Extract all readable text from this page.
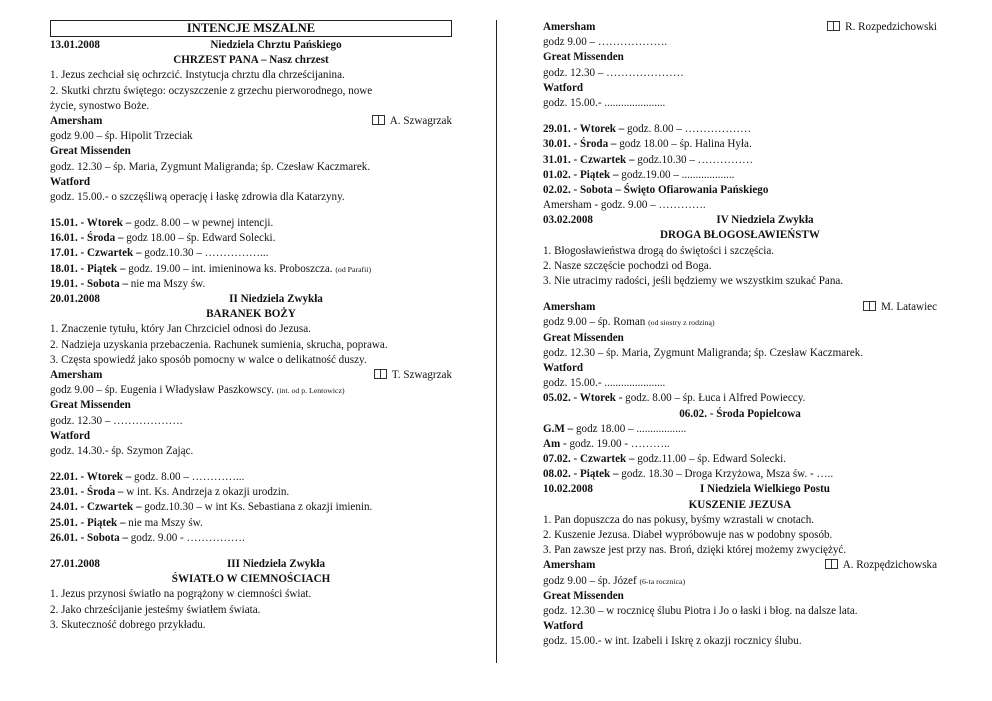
INTENCJE MSZALNE
13.01.2008	Niedziela Chrztu Pańskiego
CHRZEST PANA – Nasz chrzest
1. Jezus zechciał się ochrzcić. Instytucja chrztu dla chrześcijanina.
2. Skutki chrztu świętego: oczyszczenie z grzechu pierworodnego, nowe
życie, synostwo Boże.
Amersham	A. Szwagrzak
godz 9.00 – śp. Hipolit Trzeciak
Great Missenden
godz. 12.30 – śp. Maria, Zygmunt Maligranda; śp. Czesław Kaczmarek.
Watford
godz. 15.00.- o szczęśliwą operację i łaskę zdrowia dla Katarzyny.
15.01. - Wtorek – godz. 8.00 – w pewnej intencji.
16.01. - Środa – godz 18.00 – śp. Edward Solecki.
17.01. - Czwartek – godz.10.30 – ……………...
18.01. - Piątek – godz. 19.00 – int. imieninowa ks. Proboszcza. (od Parafii)
19.01. - Sobota – nie ma Mszy św.
20.01.2008	II Niedziela Zwykła
BARANEK BOŻY
1. Znaczenie tytułu, który Jan Chrzciciel odnosi do Jezusa.
2. Nadzieja uzyskania przebaczenia. Rachunek sumienia, skrucha, poprawa.
3. Częsta spowiedź jako sposób pomocny w walce o delikatność duszy.
Amersham	T. Szwagrzak
godz 9.00 – śp. Eugenia i Władysław Paszkowscy. (int. od p. Lentowicz)
Great Missenden
godz. 12.30 – ……………….
Watford
godz. 14.30.- śp. Szymon Zając.
22.01. - Wtorek – godz. 8.00 – …………...
23.01. - Środa – w int. Ks. Andrzeja z okazji urodzin.
24.01. - Czwartek – godz.10.30 – w int Ks. Sebastiana z okazji imienin.
25.01. - Piątek – nie ma Mszy św.
26.01. - Sobota – godz. 9.00 - …………….
27.01.2008	III Niedziela Zwykła
ŚWIATŁO W CIEMNOŚCIACH
1. Jezus przynosi światło na pogrążony w ciemności świat.
2. Jako chrześcijanie jesteśmy światłem świata.
3. Skuteczność dobrego przykładu.
Amersham	R. Rozpedzichowski
godz 9.00 – ……………….
Great Missenden
godz. 12.30 – …………………
Watford
godz. 15.00.- ......................
29.01. - Wtorek – godz. 8.00 – ………………
30.01. - Środa – godz 18.00 – śp. Halina Hyła.
31.01. - Czwartek – godz.10.30 – ……………
01.02. - Piątek – godz.19.00 – ...................
02.02. - Sobota – Święto Ofiarowania Pańskiego
Amersham - godz. 9.00 – ………….
03.02.2008	IV Niedziela Zwykła
DROGA BŁOGOSŁAWIEŃSTW
1. Błogosławieństwa drogą do świętości i szczęścia.
2. Nasze szczęście pochodzi od Boga.
3. Nie utracimy radości, jeśli będziemy we wszystkim szukać Pana.
Amersham	M. Latawiec
godz 9.00 – śp. Roman (od siostry z rodziną)
Great Missenden
godz. 12.30 – śp. Maria, Zygmunt Maligranda; śp. Czesław Kaczmarek.
Watford
godz. 15.00.- ......................
05.02. - Wtorek - godz. 8.00 – śp. Łuca i Alfred Powieccy.
06.02. - Środa Popielcowa
G.M – godz 18.00 – ..................
Am - godz. 19.00 - ………..
07.02. - Czwartek – godz.11.00 – śp. Edward Solecki.
08.02. - Piątek – godz. 18.30 – Droga Krzyżowa, Msza św. - …..
10.02.2008	I Niedziela Wielkiego Postu
KUSZENIE JEZUSA
1. Pan dopuszcza do nas pokusy, byśmy wzrastali w cnotach.
2. Kuszenie Jezusa. Diabeł wypróbowuje nas w podobny sposób.
3. Pan zawsze jest przy nas. Broń, dzięki której możemy zwyciężyć.
Amersham	A. Rozpędzichowska
godz 9.00 – śp. Józef (6-ta rocznica)
Great Missenden
godz. 12.30 – w rocznicę ślubu Piotra i Jo o łaski i błog. na dalsze lata.
Watford
godz. 15.00.- w int. Izabeli i Iskrę z okazji rocznicy ślubu.
